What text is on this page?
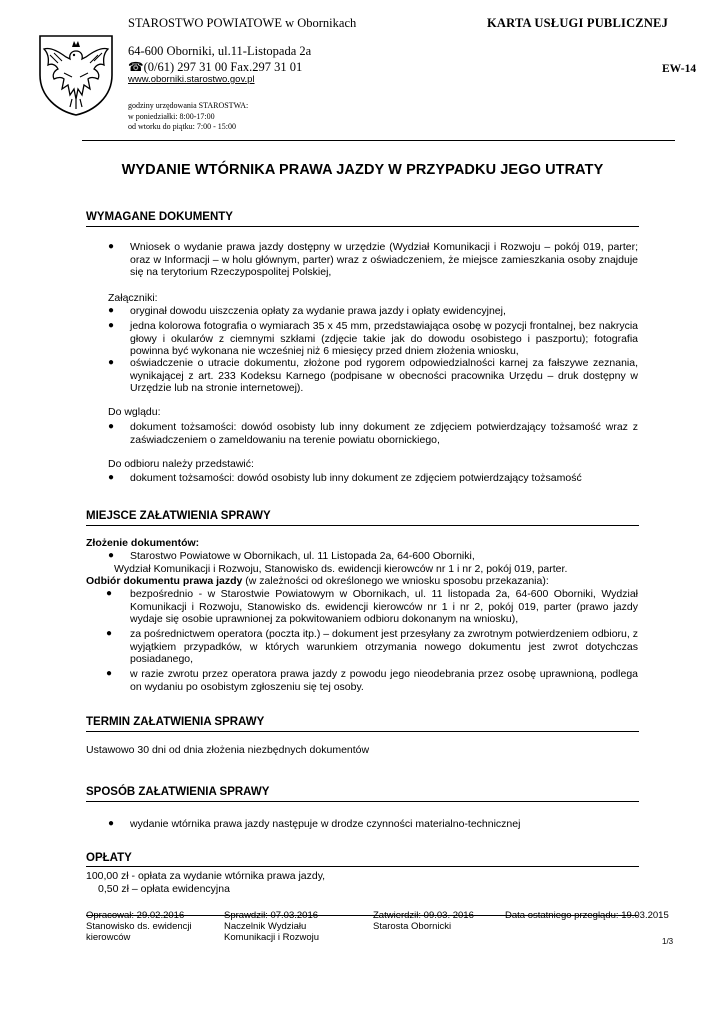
STAROSTWO POWIATOWE w Obornikach	KARTA USŁUGI PUBLICZNEJ
EW-14
64-600 Oborniki, ul.11-Listopada 2a
☎(0/61) 297 31 00 Fax.297 31 01
www.oborniki.starostwo.gov.pl
godziny urzędowania STAROSTWA:
w poniedziałki: 8:00-17:00
od wtorku do piątku: 7:00 - 15:00
WYDANIE WTÓRNIKA PRAWA JAZDY W PRZYPADKU JEGO UTRATY
WYMAGANE DOKUMENTY
●	Wniosek o wydanie prawa jazdy dostępny w urzędzie (Wydział Komunikacji i Rozwoju – pokój 019, parter; oraz w Informacji – w holu głównym, parter) wraz z oświadczeniem, że miejsce zamieszkania osoby znajduje się na terytorium Rzeczypospolitej Polskiej,
Załączniki:
●	oryginał dowodu uiszczenia opłaty za wydanie prawa jazdy i opłaty ewidencyjnej,
●	jedna kolorowa fotografia o wymiarach 35 x 45 mm, przedstawiająca osobę w pozycji frontalnej, bez nakrycia głowy i okularów z ciemnymi szkłami (zdjęcie takie jak do dowodu osobistego i paszportu); fotografia powinna być wykonana nie wcześniej niż 6 miesięcy przed dniem złożenia wniosku,
●	oświadczenie o utracie dokumentu, złożone pod rygorem odpowiedzialności karnej za fałszywe zeznania, wynikającej z art. 233 Kodeksu Karnego (podpisane w obecności pracownika Urzędu – druk dostępny w Urzędzie lub na stronie internetowej).
Do wglądu:
●	dokument tożsamości: dowód osobisty lub inny dokument ze zdjęciem potwierdzający tożsamość wraz z zaświadczeniem o zameldowaniu na terenie powiatu obornickiego,
Do odbioru należy przedstawić:
●	dokument tożsamości: dowód osobisty lub inny dokument ze zdjęciem potwierdzający tożsamość
MIEJSCE ZAŁATWIENIA SPRAWY
Złożenie dokumentów:
●	Starostwo Powiatowe w Obornikach, ul. 11 Listopada 2a, 64-600 Oborniki,
Wydział Komunikacji i Rozwoju, Stanowisko ds. ewidencji kierowców nr 1 i nr 2, pokój 019, parter.
Odbiór dokumentu prawa jazdy (w zależności od określonego we wniosku sposobu przekazania):
●	bezpośrednio - w Starostwie Powiatowym w Obornikach, ul. 11 listopada 2a, 64-600 Oborniki, Wydział Komunikacji i Rozwoju, Stanowisko ds. ewidencji kierowców nr 1 i nr 2, pokój 019, parter (prawo jazdy wydaje się osobie uprawnionej za pokwitowaniem odbioru dokonanym na wniosku),
●	za pośrednictwem operatora (poczta itp.) – dokument jest przesyłany za zwrotnym potwierdzeniem odbioru, z wyjątkiem przypadków, w których warunkiem otrzymania nowego dokumentu jest zwrot dotychczas posiadanego,
●	w razie zwrotu przez operatora prawa jazdy z powodu jego nieodebrania przez osobę uprawnioną, podlega on wydaniu po osobistym zgłoszeniu się tej osoby.
TERMIN ZAŁATWIENIA SPRAWY
Ustawowo 30 dni od dnia złożenia niezbędnych dokumentów
SPOSÓB ZAŁATWIENIA SPRAWY
●	wydanie wtórnika prawa jazdy następuje w drodze czynności materialno-technicznej
OPŁATY
100,00 zł - opłata za wydanie wtórnika prawa jazdy,
0,50 zł – opłata ewidencyjna
Opracował: 29.02.2016
Stanowisko ds. ewidencji
kierowców
Sprawdził: 07.03.2016
Naczelnik Wydziału
Komunikacji i Rozwoju
Zatwierdził: 09.03. 2016
Starosta Obornicki
Data ostatniego przeglądu: 19.03.2015
1/3
